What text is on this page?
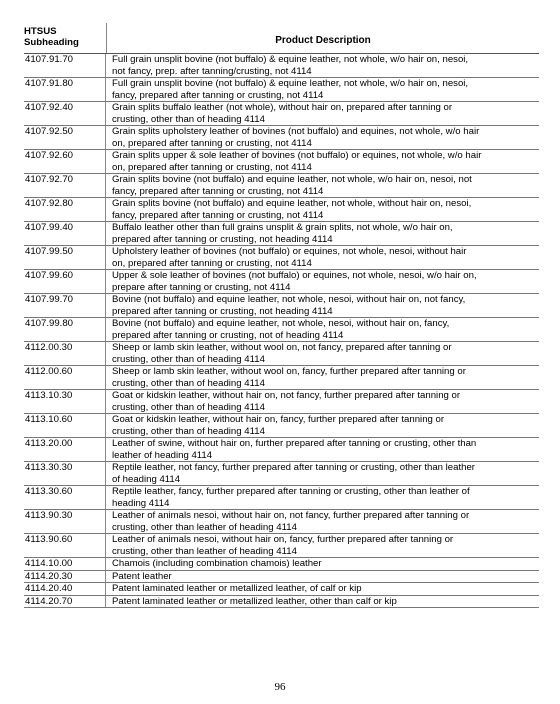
HTSUS
Subheading	Product Description
4107.91.70	Full grain unsplit bovine (not buffalo) & equine leather, not whole, w/o hair on, nesoi,
not fancy, prep. after tanning/crusting, not 4114
4107.91.80	Full grain unsplit bovine (not buffalo) & equine leather, not whole, w/o hair on, nesoi,
fancy, prepared after tanning or crusting, not 4114
4107.92.40	Grain splits buffalo leather (not whole), without hair on, prepared after tanning or
crusting, other than of heading 4114
4107.92.50	Grain splits upholstery leather of bovines (not buffalo) and equines, not whole, w/o hair
on, prepared after tanning or crusting, not 4114
4107.92.60	Grain splits upper & sole leather of bovines (not buffalo) or equines, not whole, w/o hair
on, prepared after tanning or crusting, not 4114
4107.92.70	Grain splits bovine (not buffalo) and equine leather, not whole, w/o hair on, nesoi, not
fancy, prepared after tanning or crusting, not 4114
4107.92.80	Grain splits bovine (not buffalo) and equine leather, not whole, without hair on, nesoi,
fancy, prepared after tanning or crusting, not 4114
4107.99.40	Buffalo leather other than full grains unsplit & grain splits, not whole, w/o hair on,
prepared after tanning or crusting, not heading 4114
4107.99.50	Upholstery leather of bovines (not buffalo) or equines, not whole, nesoi, without hair
on, prepared after tanning or crusting, not 4114
4107.99.60	Upper & sole leather of bovines (not buffalo) or equines, not whole, nesoi, w/o hair on,
prepare after tanning or crusting, not 4114
4107.99.70	Bovine (not buffalo) and equine leather, not whole, nesoi, without hair on, not fancy,
prepared after tanning or crusting, not heading 4114
4107.99.80	Bovine (not buffalo) and equine leather, not whole, nesoi, without hair on, fancy,
prepared after tanning or crusting, not of heading 4114
4112.00.30	Sheep or lamb skin leather, without wool on, not fancy, prepared after tanning or
crusting, other than of heading 4114
4112.00.60	Sheep or lamb skin leather, without wool on, fancy, further prepared after tanning or
crusting, other than of heading 4114
4113.10.30	Goat or kidskin leather, without hair on, not fancy, further prepared after tanning or
crusting, other than of heading 4114
4113.10.60	Goat or kidskin leather, without hair on, fancy, further prepared after tanning or
crusting, other than of heading 4114
4113.20.00	Leather of swine, without hair on, further prepared after tanning or crusting, other than
leather of heading 4114
4113.30.30	Reptile leather, not fancy, further prepared after tanning or crusting, other than leather
of heading 4114
4113.30.60	Reptile leather, fancy, further prepared after tanning or crusting, other than leather of
heading 4114
4113.90.30	Leather of animals nesoi, without hair on, not fancy, further prepared after tanning or
crusting, other than leather of heading 4114
4113.90.60	Leather of animals nesoi, without hair on, fancy, further prepared after tanning or
crusting, other than leather of heading 4114
4114.10.00	Chamois (including combination chamois) leather
4114.20.30	Patent leather
4114.20.40	Patent laminated leather or metallized leather, of calf or kip
4114.20.70	Patent laminated leather or metallized leather, other than calf or kip
96
